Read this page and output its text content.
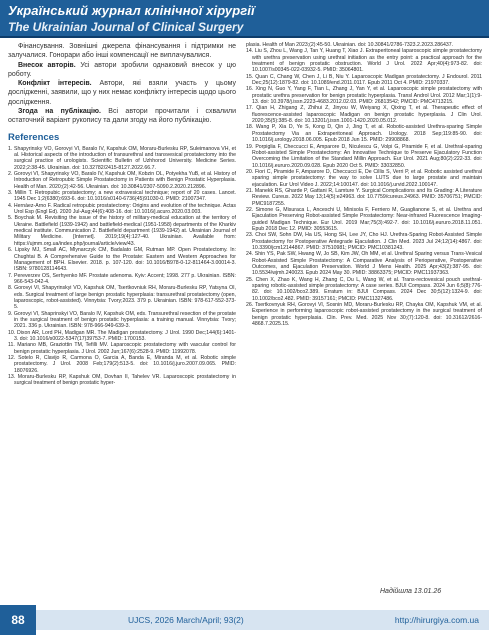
Український журнал клінічної хірургії
The Ukrainian Journal of Clinical Surgery

Фінансування. Зовнішні джерела фінансування і підтримки не залучалися. Гонорари або інші компенсації не виплачувалися.

Внесок авторів. Усі автори зробили однаковий внесок у цю роботу.

Конфлікт інтересів. Автори, які взяли участь у цьому дослідженні, заявили, що у них немає конфлікту інтересів щодо цього дослідження.

Згода на публікацію. Всі автори прочитали і схвалили остаточний варіант рукопису та дали згоду на його публікацію.

References

1. Shapyrinsky VO, Gorovyi VI, Baralo IV, Kapshuk OM, Moraru-Burlesku RP, Suleimanova VH, et al. Historical aspects of the introduction of transurethral and transvesical prostatectomy into the surgical practice of urologists. Scientific Bulletin of Uzhhorod University. Medicine Series. 2022;2:38-45. Ukrainian. doi: 10.32782/2415-8127.2022.66.7.

2. Gorovyi VI, Shapyrinsky VO, Baralo IV, Kapshuk OM, Kobzin OL, Potyekha YuB, et al. History of Introduction of Retropubic Simple Prostatectomy in Patients with Benign Prostatic Hyperplasia. Health of Man. 2020;(2):42-56. Ukrainian. doi: 10.30841/2307-5090.2.2020.212896.

3. Millin T. Retropubic prostatectomy; a new extravesical technique; report of 20 cases. Lancet. 1945 Dec 1;2(6380):693-6. doi: 10.1016/s0140-6736(45)91030-0. PMID: 21007347.

4. Hernàez-Arno F. Radical retropubic prostatectomy: Origins and evolution of the technique. Actas Urol Esp (Engl Ed). 2020 Jul-Aug;44(6):408-16. doi: 10.1016/j.acuro.2020.03.003.

5. Boychak M. Revisiting the issue of the history of military-medical education at the territory of Ukraine. Battlefield (1939-1942) and battlefield-medical (1951-1958) departments of the Kharkiv medical institute. Communication 2. Battlefield department (1939-1942) at. Ukrainian Journal of Military Medicine. [Internet]. 2019;19(4):127-40. Ukrainian. Available from: https://ujmm.org.ua/index.php/journal/article/view/43.

6. Lipsky MJ, Small AC, Mlynarczyk CM, Badalato GM, Rutman MP. Open Prostatectomy. In: Chughtai B. A Comprehensive Guide to the Prostate: Eastern and Western Approaches for Management of BPH. Elsevier. 2018. p. 107-120. doi: 10.1016/B978-0-12-811464-3.00014-3. ISBN: 9780128114643.

7. Pereverzev OS, Serhyenko MF. Prostate adenoma. Kyiv: Accent; 1998. 277 p. Ukrainian. ISBN: 966-543-042-4.

8. Gorovyi VI, Shapyrinskyi VO, Kapshuk OM, Tsertkovniuk RH, Moraru-Burlesku RP, Yatsyna OI, eds. Surgical treatment of large benign prostatic hyperplasia: transurethral prostatectomy (open, laparoscopic, robot-assisted). Vinnytsia: Tvory;2023. 379 p. Ukrainian. ISBN: 978-617-552-373-5.

9. Gorovyi VI, Shaprinskyi VO, Baralo IV, Kapshuk OM, eds. Transurethral resection of the prostate in the surgical treatment of benign prostatic hyperplasia: a training manual. Vinnytsia: Tvory; 2021. 336 p. Ukrainian. ISBN: 978-966-949-639-3.

10. Dixon AR, Lord PH, Madigan MR. The Madigan prostatectomy. J Urol. 1990 Dec;144(6):1401-3. doi: 10.1016/s0022-5347(17)39753-7. PMID: 1700153.

11. Mariano MB, Graziottin TM, Tefilli MV. Laparoscopic prostatectomy with vascular control for benign prostatic hyperplasia. J Urol. 2002 Jun;167(6):2528-9. PMID: 11992078.

12. Sotelo R, Clavijo R, Carmona O, Garcia A, Banda E, Miranda M, et al. Robotic simple prostatectomy. J Urol. 2008 Feb;179(2):513-5. doi: 10.1016/j.juro.2007.09.065. PMID: 18076926.

13. Moraru-Burlesku RP, Kapshuk OM, Dovhan II, Tahelev VR. Laparoscopic prostatectomy in surgical treatment of benign prostatic hyper-

plasia. Health of Man 2023;(2):45-50. Ukrainian. doi: 10.30841/2786-7323.2.2023.286437.

14. Liu S, Zhou L, Wang J, Tan Y, Huang T, Xiao J. Extraperitoneal laparoscopic simple prostatectomy with urethra preservation using urethral initiation as the entry point: a practical approach for the treatment of benign prostatic obstruction. World J Urol. 2022 Apr;40(4):973-82. doi: 10.1007/s00345-022-03932-5. PMID: 35064801.

15. Quan C, Chang W, Chen J, Li B, Niu Y. Laparoscopic Madigan prostatectomy. J Endourol. 2011 Dec;25(12):1879-82. doi: 10.1089/end.2011.0117. Epub 2011 Oct 4. PMID: 21970337.

16. Xing N, Guo Y, Yang F, Tian L, Zhang J, Yan Y, et al. Laparoscopic simple prostatectomy with prostatic urethra preservation for benign prostatic hyperplasia. Transl Androl Urol. 2012 Mar;1(1):9-13. doi: 10.3978/j.issn.2223-4683.2012.02.03. PMID: 26813542; PMCID: PMC4713215.

17. Qian H, Zhigang Z, Zhihui Z, Jinyou W, Weiyang X, Qixing T, et al. Therapeutic effect of fluorescence-assisted laparoscopic Madigan on benign prostatic hyperplasia. J Clin Urol. 2020;35(5):385-8. doi: 10.13201/j.issn.1001-1420.2020.05.012.

18. Wang P, Xia D, Ye S, Kong D, Qin J, Jing T, et al. Robotic-assisted Urethra-sparing Simple Prostatectomy Via an Extraperitoneal Approach. Urology. 2018 Sep;119:85-90. doi: 10.1016/j.urology.2018.06.005. Epub 2018 Jun 15. PMID: 29908868.

19. Porpiglia F, Checcucci E, Amparore D, Niculescu G, Volpi G, Piramide F, et al. Urethral-sparing Robot-assisted Simple Prostatectomy: An Innovative Technique to Preserve Ejaculatory Function Overcoming the Limitation of the Standard Millin Approach. Eur Urol. 2021 Aug;80(2):222-33. doi: 10.1016/j.eururo.2020.09.028. Epub 2020 Oct 5. PMID: 33032850.

20. Fiori C, Piramide F, Amparore D, Checcucci E, De Cillis S, Verri P, et al. Robotic assisted urethral sparing simple prostatectomy: the way to solve LUTS due to large prostate and maintain ejaculation. Eur Urol Video J. 2022;14:100147. doi: 10.1016/j.urvid.2022.100147.

21. Manekk RS, Gharde P, Gattani R, Lamture Y. Surgical Complications and Its Grading: A Literature Review. Cureus. 2022 May 13;14(5):e24963. doi: 10.7759/cureus.24963. PMID: 35706751; PMCID: PMC9187255.

22. Simone G, Misuraca L, Anceschi U, Minisola F, Ferriero M, Guaglianone S, et al. Urethra and Ejaculation Preserving Robot-assisted Simple Prostatectomy: Near-infrared Fluorescence Imaging-guided Madigan Technique. Eur Urol. 2019 Mar;75(3):492-7. doi: 10.1016/j.eururo.2018.11.051. Epub 2018 Dec 12. PMID: 30553615.

23. Choi SW, Sohn DW, Ha US, Hong SH, Lee JY, Cho HJ. Urethra-Sparing Robot-Assisted Simple Prostatectomy for Postoperative Antegrade Ejaculation. J Clin Med. 2023 Jul 24;12(14):4867. doi: 10.3390/jcm12144867. PMID: 37510981; PMCID: PMC10381243.

24. Shin YS, Pak SW, Hwang W, Jo SB, Kim JW, Oh MM, et al. Urethral Sparing versus Trans-Vesical Robot-Assisted Simple Prostatectomy: A Comparative Analysis of Perioperative, Postoperative Outcomes, and Ejaculation Preservation. World J Mens Health. 2025 Apr;43(2):387-95. doi: 10.5534/wjmh.240023. Epub 2024 May 30. PMID: 38863375; PMCID: PMC11937363.

25. Chen X, Zhao K, Wang H, Zhang C, Du L, Wang W, et al. Trans-rectovesical pouch urethral-sparing robotic-assisted simple prostatectomy: A case series. BJUI Compass. 2024 Jun 6;5(8):776-82. doi: 10.1002/bco2.389. Erratum in: BJUI Compass. 2024 Dec 30;5(12):1324-9. doi: 10.1002/bco2.482. PMID: 39157161; PMCID: PMC11327486.

26. Tsertkovnyuk RH, Gorovyi VI, Sosnin MD, Moraru-Burlesku RP, Chayka OM, Kapshuk VM, et al. Experience in performing laparoscopic robot-assisted prostatectomy in the surgical treatment of benign prostatic hyperplasia. Clin. Prev. Med. 2025 Nov 30;(7):120-8. doi: 10.31612/2616-4868.7.2025.15.

Надійшла 13.01.26
88	UJCS, 2026 March/April; 93(2)	http://hirurgiya.com.ua
